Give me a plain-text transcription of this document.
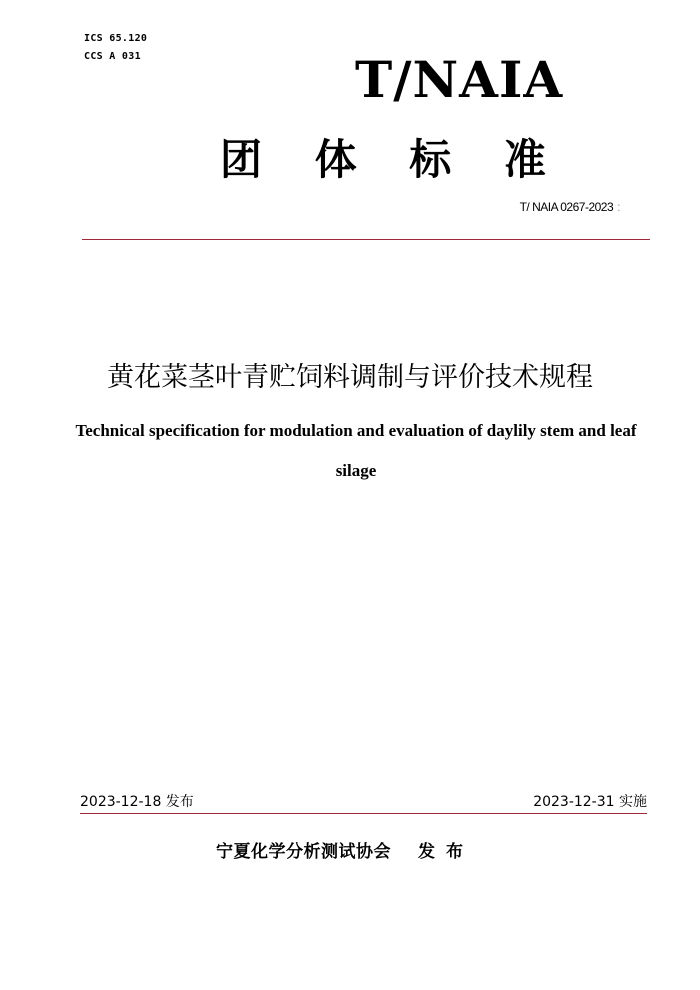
ICS 65.120
CCS A 031	T/NAIA
团 体 标 准
T/ NAIA 0267-2023 :
黄花菜茎叶青贮饲料调制与评价技术规程
Technical specification for modulation and evaluation of daylily stem and leaf silage
2023-12-18 发布	2023-12-31 实施
宁夏化学分析测试协会 发布
